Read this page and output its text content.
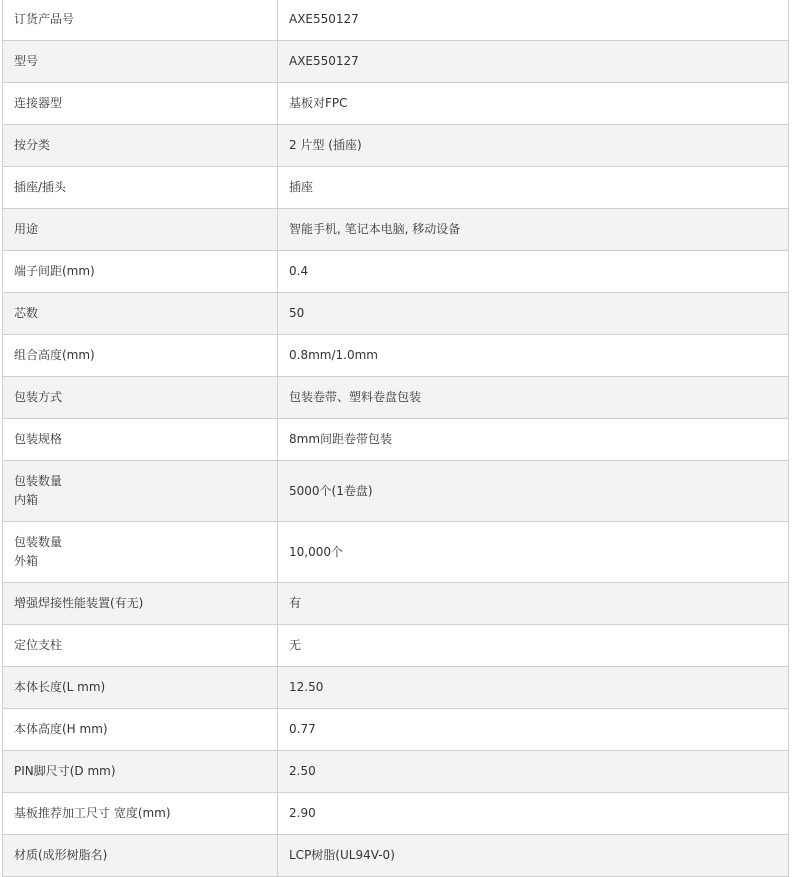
订货产品号	AXE550127

型号	AXE550127

连接器型	基板对FPC

按分类	2 片型 (插座)

插座/插头	插座

用途	智能手机, 笔记本电脑, 移动设备

端子间距(mm)	0.4

芯数	50

组合高度(mm)	0.8mm/1.0mm

包装方式	包装卷带、塑料卷盘包装

包装规格	8mm间距卷带包装

包装数量
内箱	5000个(1卷盘)

包装数量
外箱	10,000个

增强焊接性能装置(有无)	有

定位支柱	无

本体长度(L mm)	12.50

本体高度(H mm)	0.77

PIN脚尺寸(D mm)	2.50

基板推荐加工尺寸 宽度(mm)	2.90

材质(成形树脂名)	LCP树脂(UL94V-0)
